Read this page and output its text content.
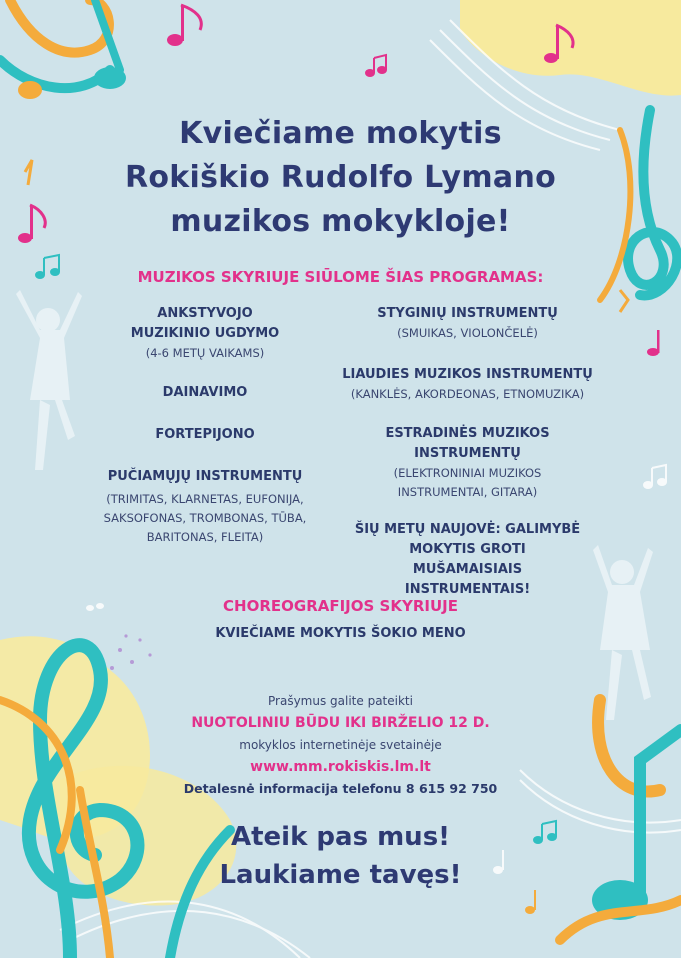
Kviečiame mokytis
Rokiškio Rudolfo Lymano
muzikos mokykloje!
MUZIKOS SKYRIUJE SIŪLOME ŠIAS PROGRAMAS:
ANKSTYVOJO MUZIKINIO UGDYMO
(4-6 METŲ VAIKAMS)
DAINAVIMO
FORTEPIJONO
PUČIAMŲJŲ INSTRUMENTŲ
(TRIMITAS, KLARNETAS, EUFONIJA, SAKSOFONAS, TROMBONAS, TŪBA, BARITONAS, FLEITA)
STYGINIŲ INSTRUMENTŲ
(SMUIKAS, VIOLONČELĖ)
LIAUDIES MUZIKOS INSTRUMENTŲ
(KANKLĖS, AKORDEONAS, ETNOMUZIKA)
ESTRADINĖS MUZIKOS INSTRUMENTŲ
(ELEKTRONINIAI MUZIKOS INSTRUMENTAI, GITARA)
ŠIŲ METŲ NAUJOVĖ: GALIMYBĖ MOKYTIS GROTI MUŠAMAISIAIS INSTRUMENTAIS!
CHOREOGRAFIJOS SKYRIUJE
KVIEČIAME MOKYTIS ŠOKIO MENO
Prašymus galite pateikti
NUOTOLINIU BŪDU IKI BIRŽELIO 12 D.
mokyklos internetinėje svetainėje
www.mm.rokiskis.lm.lt
Detalesnė informacija telefonu 8 615 92 750
Ateik pas mus!
Laukiame tavęs!
